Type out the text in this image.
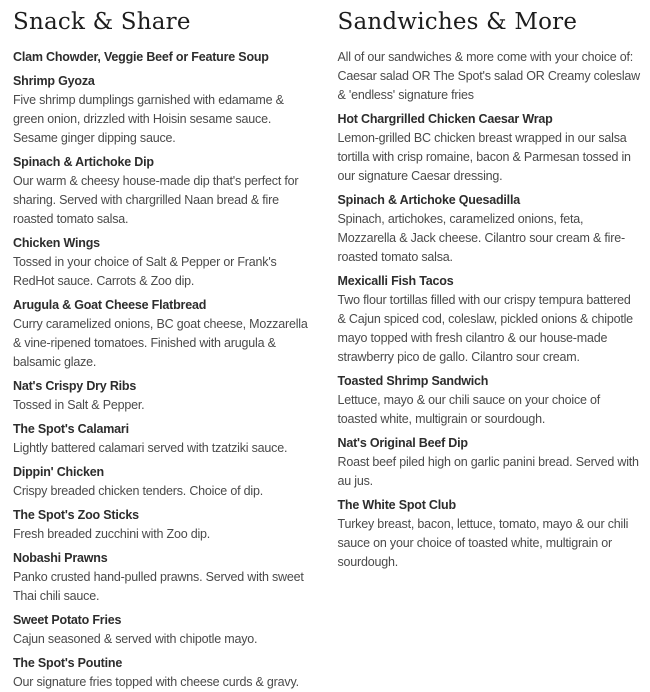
Snack & Share

Clam Chowder, Veggie Beef or Feature Soup

Shrimp Gyoza

Five shrimp dumplings garnished with edamame & green onion, drizzled with Hoisin sesame sauce. Sesame ginger dipping sauce.

Spinach & Artichoke Dip

Our warm & cheesy house-made dip that's perfect for sharing. Served with chargrilled Naan bread & fire roasted tomato salsa.

Chicken Wings

Tossed in your choice of Salt & Pepper or Frank's RedHot sauce. Carrots & Zoo dip.

Arugula & Goat Cheese Flatbread

Curry caramelized onions, BC goat cheese, Mozzarella & vine-ripened tomatoes. Finished with arugula & balsamic glaze.

Nat's Crispy Dry Ribs

Tossed in Salt & Pepper.

The Spot's Calamari

Lightly battered calamari served with tzatziki sauce.

Dippin' Chicken

Crispy breaded chicken tenders. Choice of dip.

The Spot's Zoo Sticks

Fresh breaded zucchini with Zoo dip.

Nobashi Prawns

Panko crusted hand-pulled prawns. Served with sweet Thai chili sauce.

Sweet Potato Fries

Cajun seasoned & served with chipotle mayo.

The Spot's Poutine

Our signature fries topped with cheese curds & gravy.

Sandwiches & More

All of our sandwiches & more come with your choice of: Caesar salad OR The Spot's salad OR Creamy coleslaw & 'endless' signature fries

Hot Chargrilled Chicken Caesar Wrap

Lemon-grilled BC chicken breast wrapped in our salsa tortilla with crisp romaine, bacon & Parmesan tossed in our signature Caesar dressing.

Spinach & Artichoke Quesadilla

Spinach, artichokes, caramelized onions, feta, Mozzarella & Jack cheese. Cilantro sour cream & fire-roasted tomato salsa.

Mexicalli Fish Tacos

Two flour tortillas filled with our crispy tempura battered & Cajun spiced cod, coleslaw, pickled onions & chipotle mayo topped with fresh cilantro & our house-made strawberry pico de gallo. Cilantro sour cream.

Toasted Shrimp Sandwich

Lettuce, mayo & our chili sauce on your choice of toasted white, multigrain or sourdough.

Nat's Original Beef Dip

Roast beef piled high on garlic panini bread. Served with au jus.

The White Spot Club

Turkey breast, bacon, lettuce, tomato, mayo & our chili sauce on your choice of toasted white, multigrain or sourdough.
